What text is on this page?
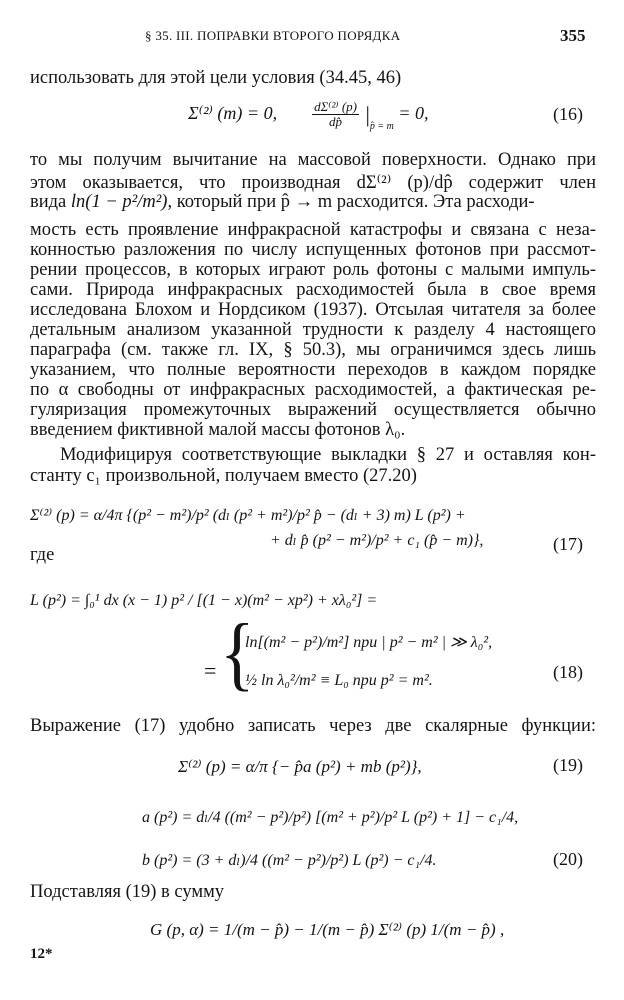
§ 35. III. ПОПРАВКИ ВТОРОГО ПОРЯДКА	355
использовать для этой цели условия (34.45, 46)
Σ⁽²⁾ (m) = 0,	$\frac{\text{dΣ⁽²⁾ (p)}}{dp̂} |_{p̂ = m} = 0$,	(16)
то мы получим вычитание на массовой поверхности. Однако при
этом оказывается, что производная dΣ⁽²⁾ (p)/dp̂ содержит член
вида ln(1 − p²/m²), который при p̂ → m расходится. Эта расходи-
мость есть проявление инфракрасной катастрофы и связана с неза-
конностью разложения по числу испущенных фотонов при рассмот-
рении процессов, в которых играют роль фотоны с малыми импуль-
сами. Природа инфракрасных расходимостей была в свое время
исследована Блохом и Нордсиком (1937). Отсылая читателя за более
детальным анализом указанной трудности к разделу 4 настоящего
параграфа (см. также гл. IX, § 50.3), мы ограничимся здесь лишь
указанием, что полные вероятности переходов в каждом порядке
по α свободны от инфракрасных расходимостей, а фактическая ре-
гуляризация промежуточных выражений осуществляется обычно
введением фиктивной малой массы фотонов λ₀.
Модифицируя соответствующие выкладки § 27 и оставляя кон-
станту c₁ произвольной, получаем вместо (27.20)
Σ⁽²⁾ (p) = α/4π {(p² − m²)/p² (dₗ (p² + m²)/p² p̂ − (dₗ + 3) m) L (p²) +
+ dₗ p̂ (p² − m²)/p² + c₁ (p̂ − m)},	(17)
где
L (p²) = ∫₀¹ dx (x − 1) p² / [(1 − x)(m² − xp²) + xλ₀²] =
= {
ln[(m² − p²)/m²] при | p² − m² | ≫ λ₀²,
½ ln λ₀²/m² ≡ L₀ при p² = m².	(18)
Выражение (17) удобно записать через две скалярные функции:
Σ⁽²⁾ (p) = α/π {− p̂a (p²) + mb (p²)},	(19)
a (p²) = dₗ/4 ((m² − p²)/p²) [(m² + p²)/p² L (p²) + 1] − c₁/4,
b (p²) = (3 + dₗ)/4 ((m² − p²)/p²) L (p²) − c₁/4.	(20)
Подставляя (19) в сумму
G (p, α) = 1/(m − p̂) − 1/(m − p̂) Σ⁽²⁾ (p) 1/(m − p̂) ,
12*
